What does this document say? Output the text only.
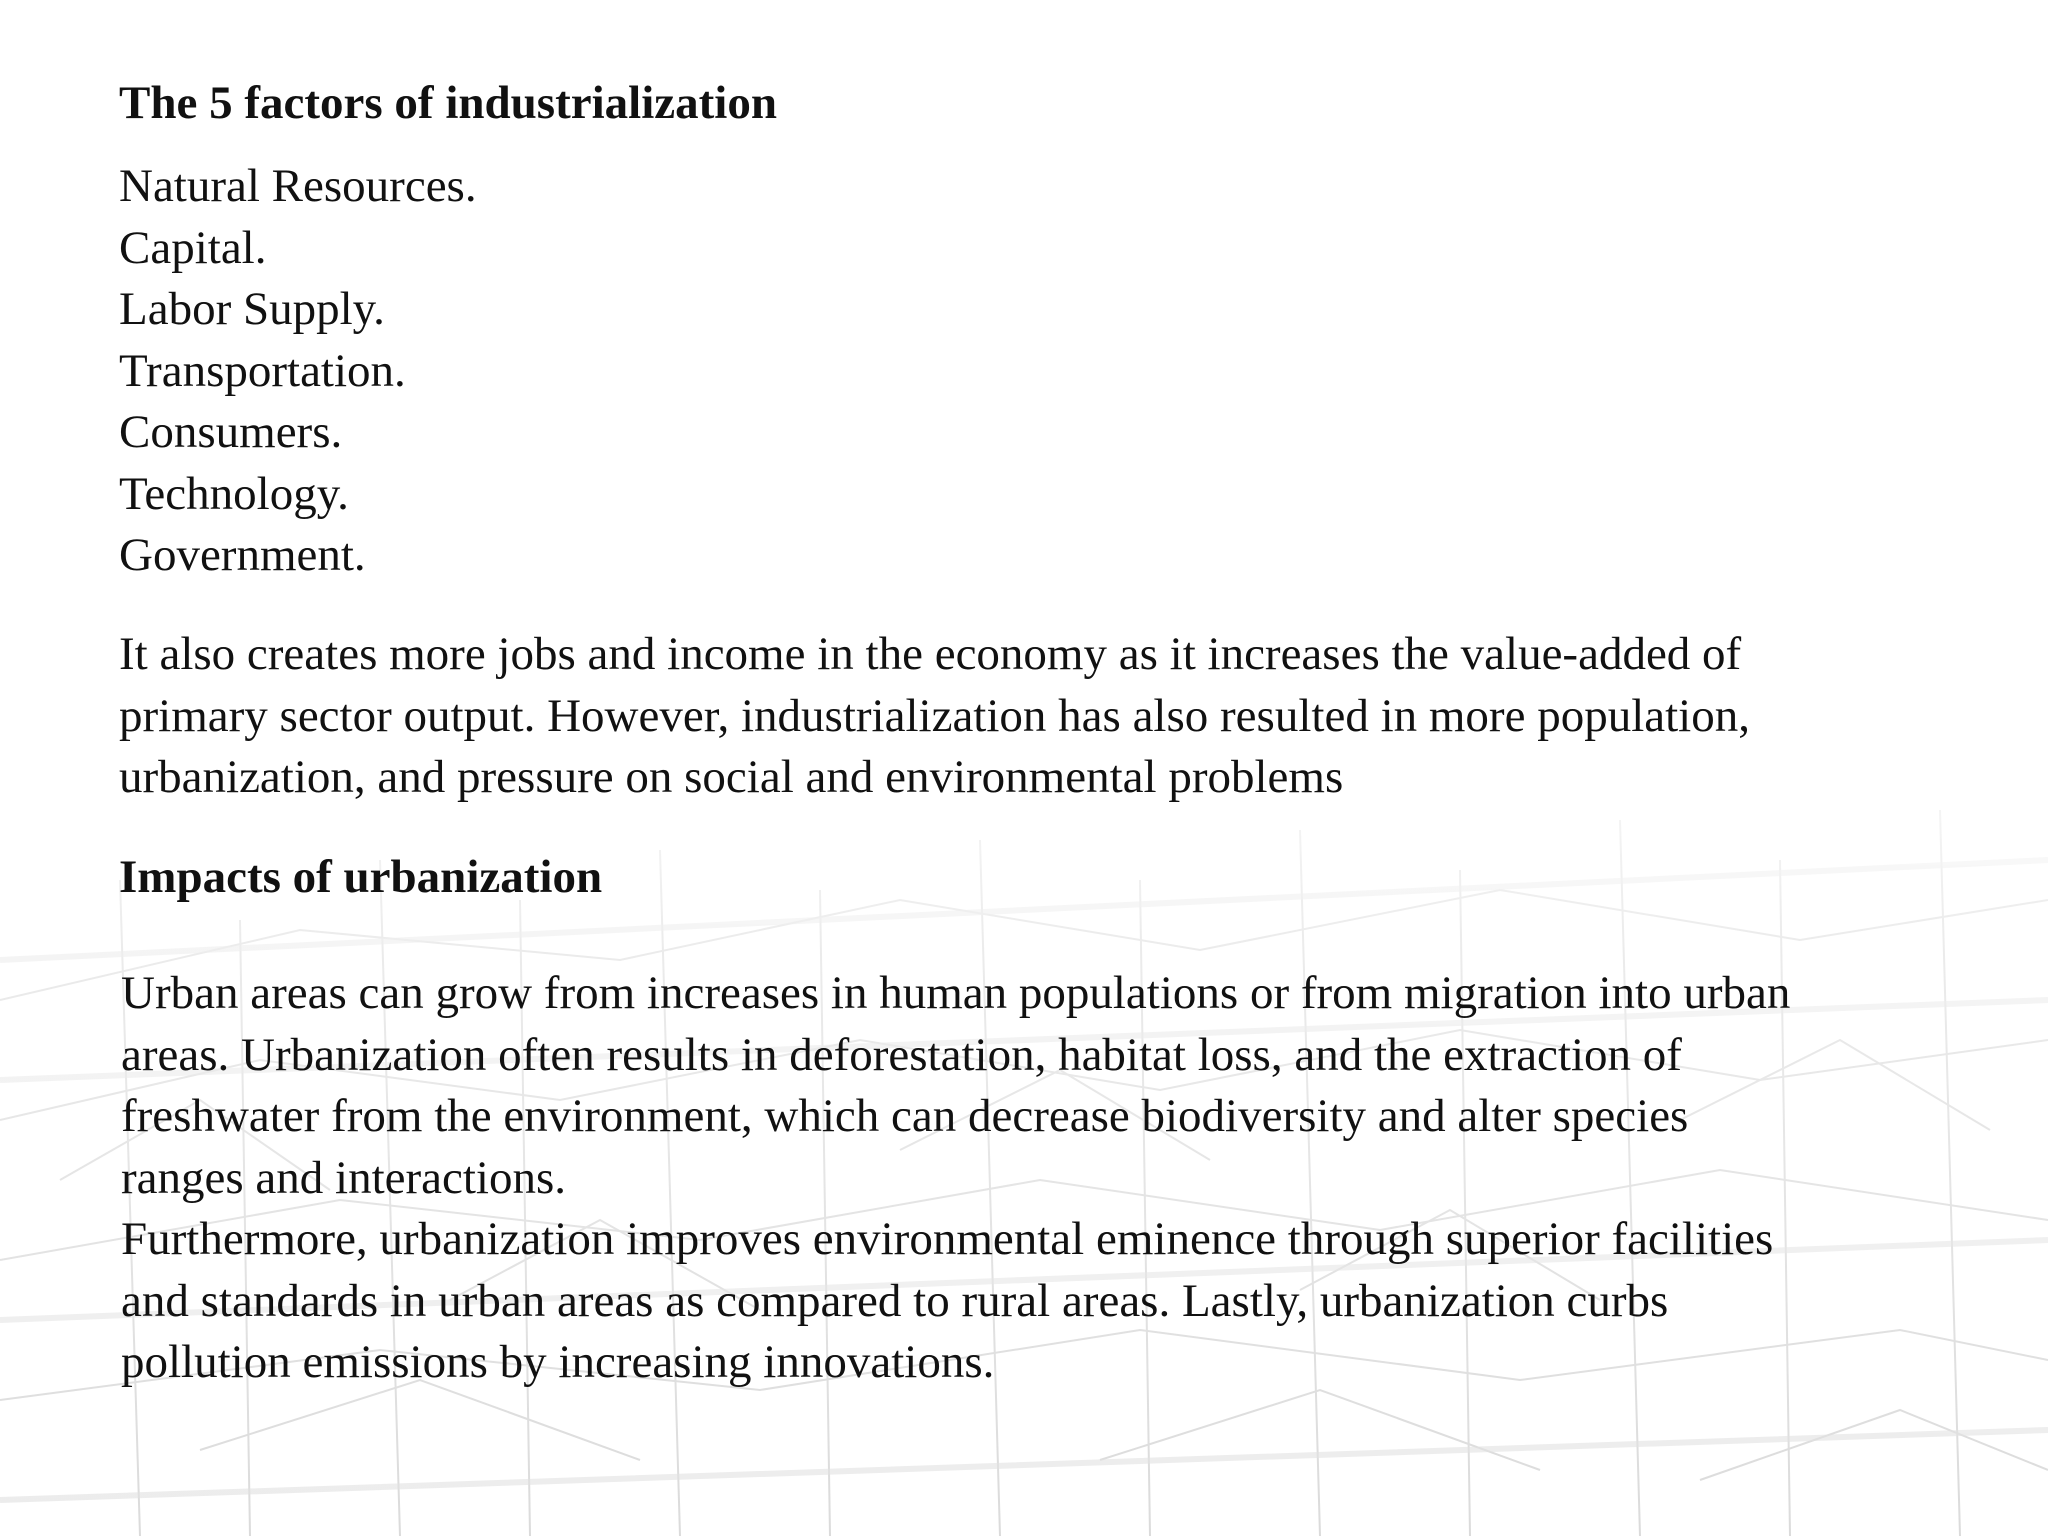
The 5 factors of industrialization
Natural Resources.
Capital.
Labor Supply.
Transportation.
Consumers.
Technology.
Government.

It also creates more jobs and income in the economy as it increases the value-added of
primary sector output. However, industrialization has also resulted in more population,
urbanization, and pressure on social and environmental problems

Impacts of urbanization

Urban areas can grow from increases in human populations or from migration into urban
areas. Urbanization often results in deforestation, habitat loss, and the extraction of
freshwater from the environment, which can decrease biodiversity and alter species
ranges and interactions.
Furthermore, urbanization improves environmental eminence through superior facilities
and standards in urban areas as compared to rural areas. Lastly, urbanization curbs
pollution emissions by increasing innovations.
